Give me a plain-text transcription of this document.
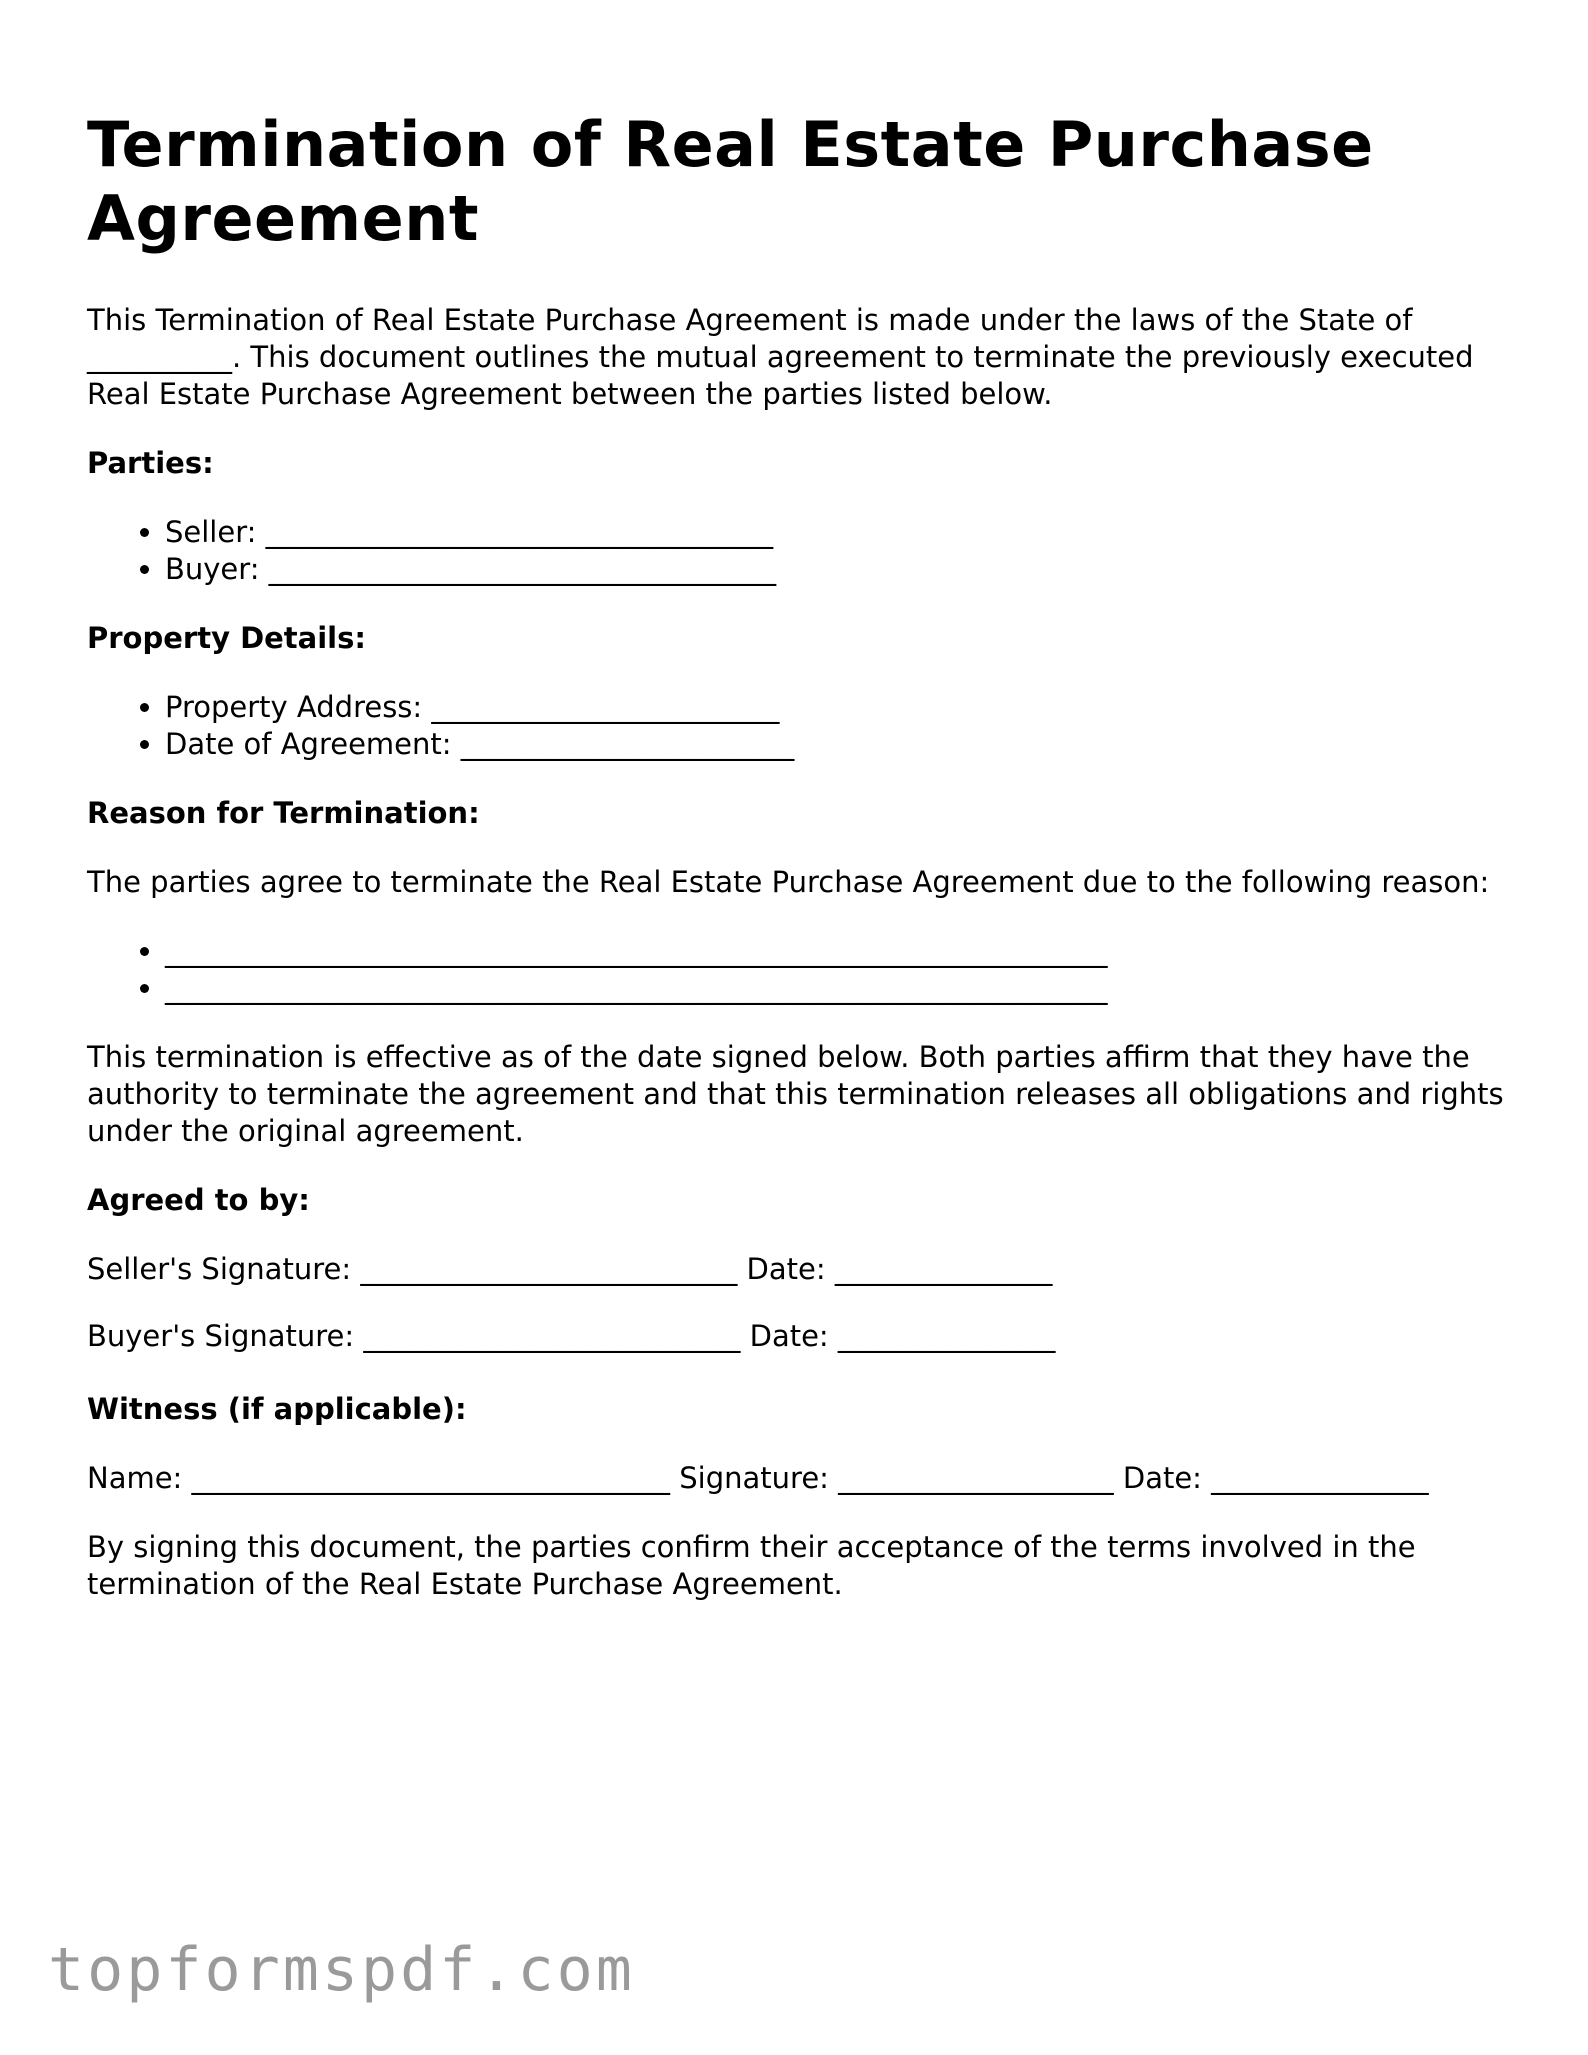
Termination of Real Estate Purchase Agreement

This Termination of Real Estate Purchase Agreement is made under the laws of the State of __________. This document outlines the mutual agreement to terminate the previously executed Real Estate Purchase Agreement between the parties listed below.

Parties:
• Seller: ___________________________________
• Buyer: ___________________________________
Property Details:
• Property Address: ________________________
• Date of Agreement: _______________________
Reason for Termination:

The parties agree to terminate the Real Estate Purchase Agreement due to the following reason:

• _________________________________________________________________
• _________________________________________________________________

This termination is effective as of the date signed below. Both parties affirm that they have the authority to terminate the agreement and that this termination releases all obligations and rights under the original agreement.

Agreed to by:
Seller's Signature: __________________________ Date: _______________
Buyer's Signature: __________________________ Date: _______________
Witness (if applicable):

Name: _________________________________ Signature: ___________________ Date: _______________

By signing this document, the parties confirm their acceptance of the terms involved in the termination of the Real Estate Purchase Agreement.

topformspdf.com
